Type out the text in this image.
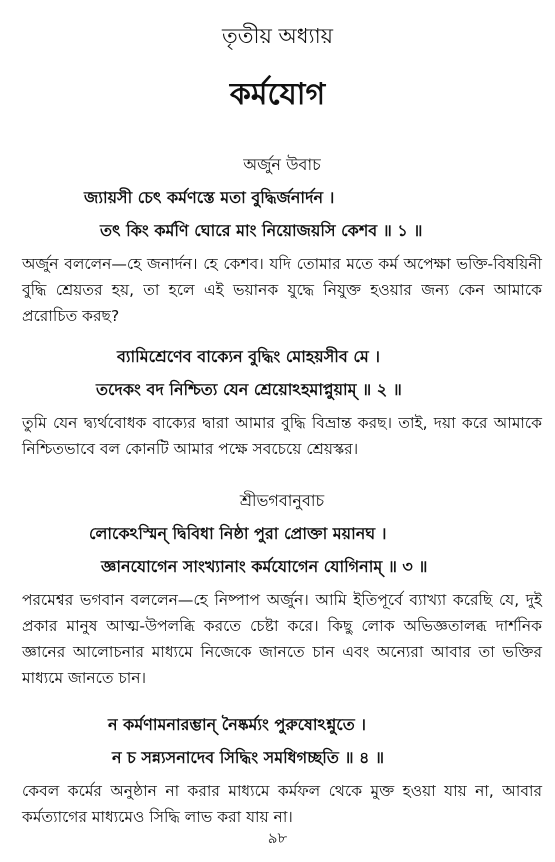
তৃতীয় অধ্যায়
কর্মযোগ
অর্জুন উবাচ
জ্যায়সী চেৎ কর্মণস্তে মতা বুদ্ধির্জনার্দন ।
তৎ কিং কর্মণি ঘোরে মাং নিয়োজয়সি কেশব ॥ ১ ॥

অর্জুন বললেন—হে জনার্দন। হে কেশব। যদি তোমার মতে কর্ম অপেক্ষা ভক্তি-বিষয়িনী বুদ্ধি শ্রেয়তর হয়, তা হলে এই ভয়ানক যুদ্ধে নিযুক্ত হওয়ার জন্য কেন আমাকে প্ররোচিত করছ?

ব্যামিশ্রেণেব বাক্যেন বুদ্ধিং মোহয়সীব মে ।
তদেকং বদ নিশ্চিত্য যেন শ্রেয়োঽহমাপ্নুয়াম্ ॥ ২ ॥

তুমি যেন দ্ব্যর্থবোধক বাক্যের দ্বারা আমার বুদ্ধি বিভ্রান্ত করছ। তাই, দয়া করে আমাকে নিশ্চিতভাবে বল কোনটি আমার পক্ষে সবচেয়ে শ্রেয়স্কর।

শ্রীভগবানুবাচ
লোকেঽস্মিন্ দ্বিবিধা নিষ্ঠা পুরা প্রোক্তা ময়ানঘ ।
জ্ঞানযোগেন সাংখ্যানাং কর্মযোগেন যোগিনাম্ ॥ ৩ ॥

পরমেশ্বর ভগবান বললেন—হে নিষ্পাপ অর্জুন। আমি ইতিপূর্বে ব্যাখ্যা করেছি যে, দুই প্রকার মানুষ আত্ম-উপলব্ধি করতে চেষ্টা করে। কিছু লোক অভিজ্ঞতালব্ধ দার্শনিক জ্ঞানের আলোচনার মাধ্যমে নিজেকে জানতে চান এবং অন্যেরা আবার তা ভক্তির মাধ্যমে জানতে চান।

ন কর্মণামনারম্ভান্ নৈষ্কর্ম্যং পুরুষোঽশ্নুতে ।
ন চ সন্ন্যসনাদেব সিদ্ধিং সমধিগচ্ছতি ॥ ৪ ॥

কেবল কর্মের অনুষ্ঠান না করার মাধ্যমে কর্মফল থেকে মুক্ত হওয়া যায় না, আবার কর্মত্যাগের মাধ্যমেও সিদ্ধি লাভ করা যায় না।

৯৮
